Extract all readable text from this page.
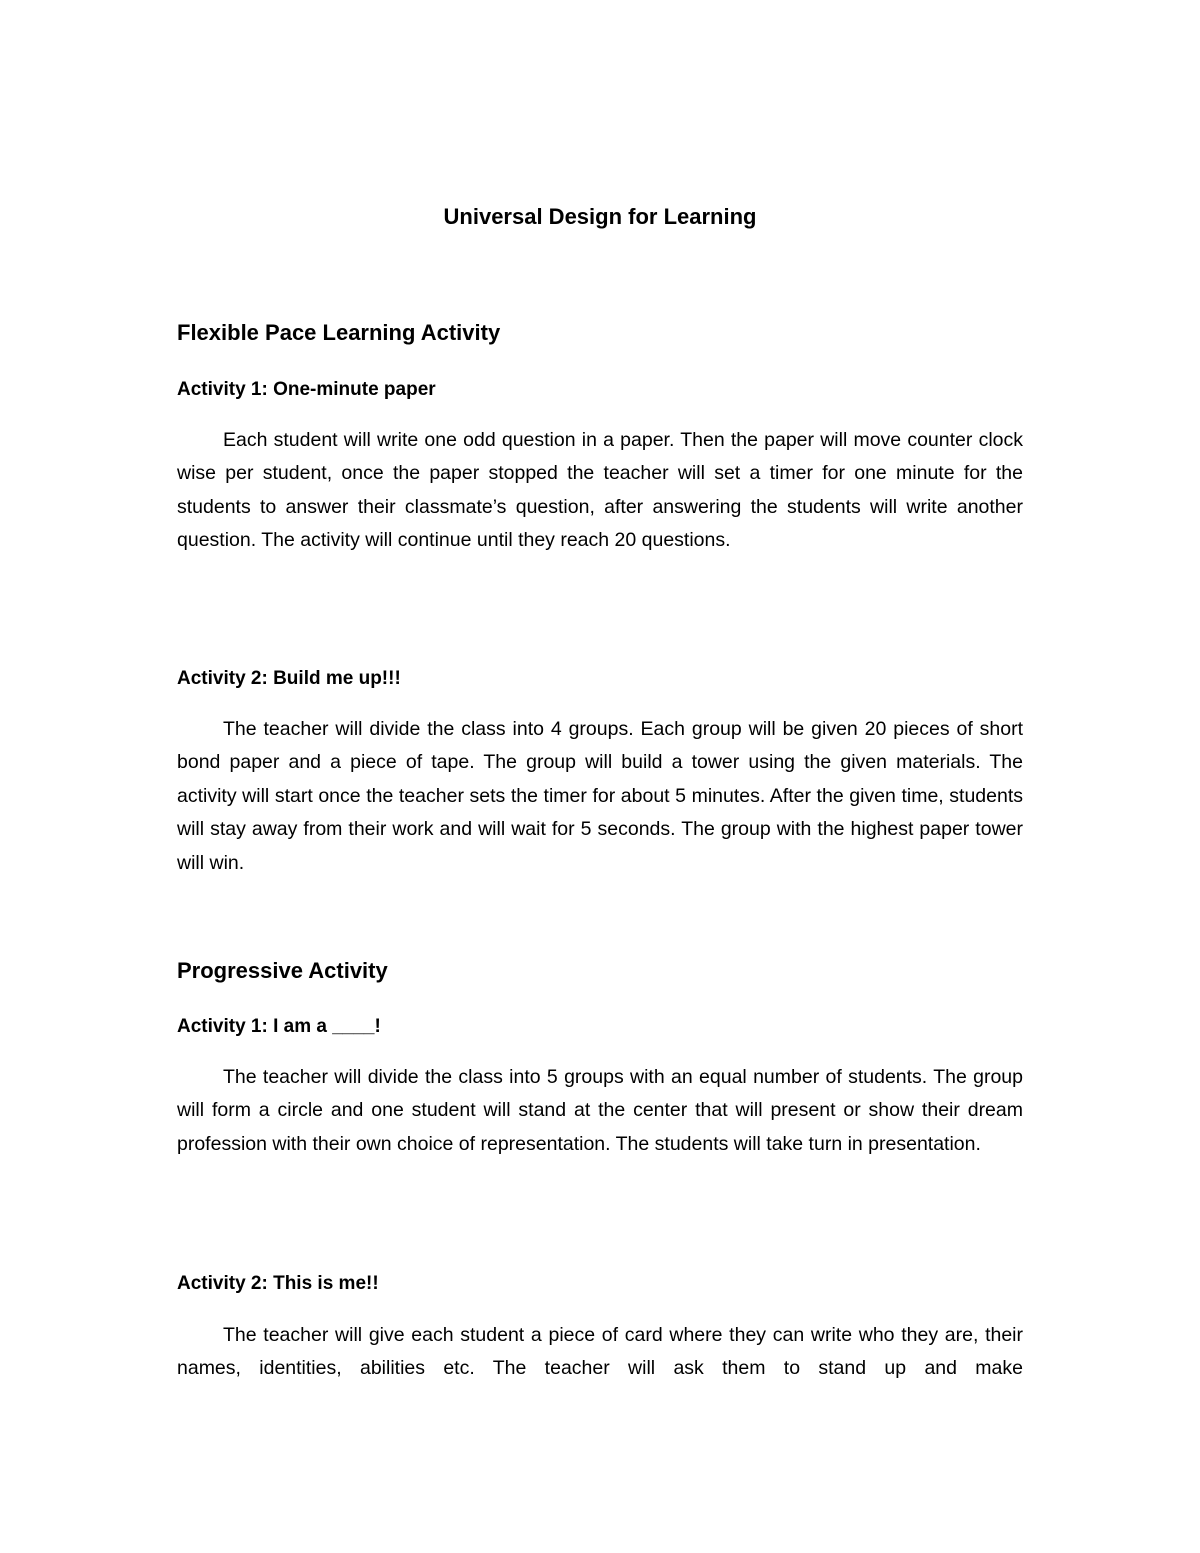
Universal Design for Learning
Flexible Pace Learning Activity
Activity 1: One-minute paper

Each student will write one odd question in a paper. Then the paper will move counter clock wise per student, once the paper stopped the teacher will set a timer for one minute for the students to answer their classmate’s question, after answering the students will write another question. The activity will continue until they reach 20 questions.

Activity 2: Build me up!!!

The teacher will divide the class into 4 groups. Each group will be given 20 pieces of short bond paper and a piece of tape. The group will build a tower using the given materials. The activity will start once the teacher sets the timer for about 5 minutes. After the given time, students will stay away from their work and will wait for 5 seconds. The group with the highest paper tower will win.

Progressive Activity
Activity 1: I am a ____!

The teacher will divide the class into 5 groups with an equal number of students. The group will form a circle and one student will stand at the center that will present or show their dream profession with their own choice of representation. The students will take turn in presentation.

Activity 2: This is me!!

The teacher will give each student a piece of card where they can write who they are, their names, identities, abilities etc. The teacher will ask them to stand up and make
